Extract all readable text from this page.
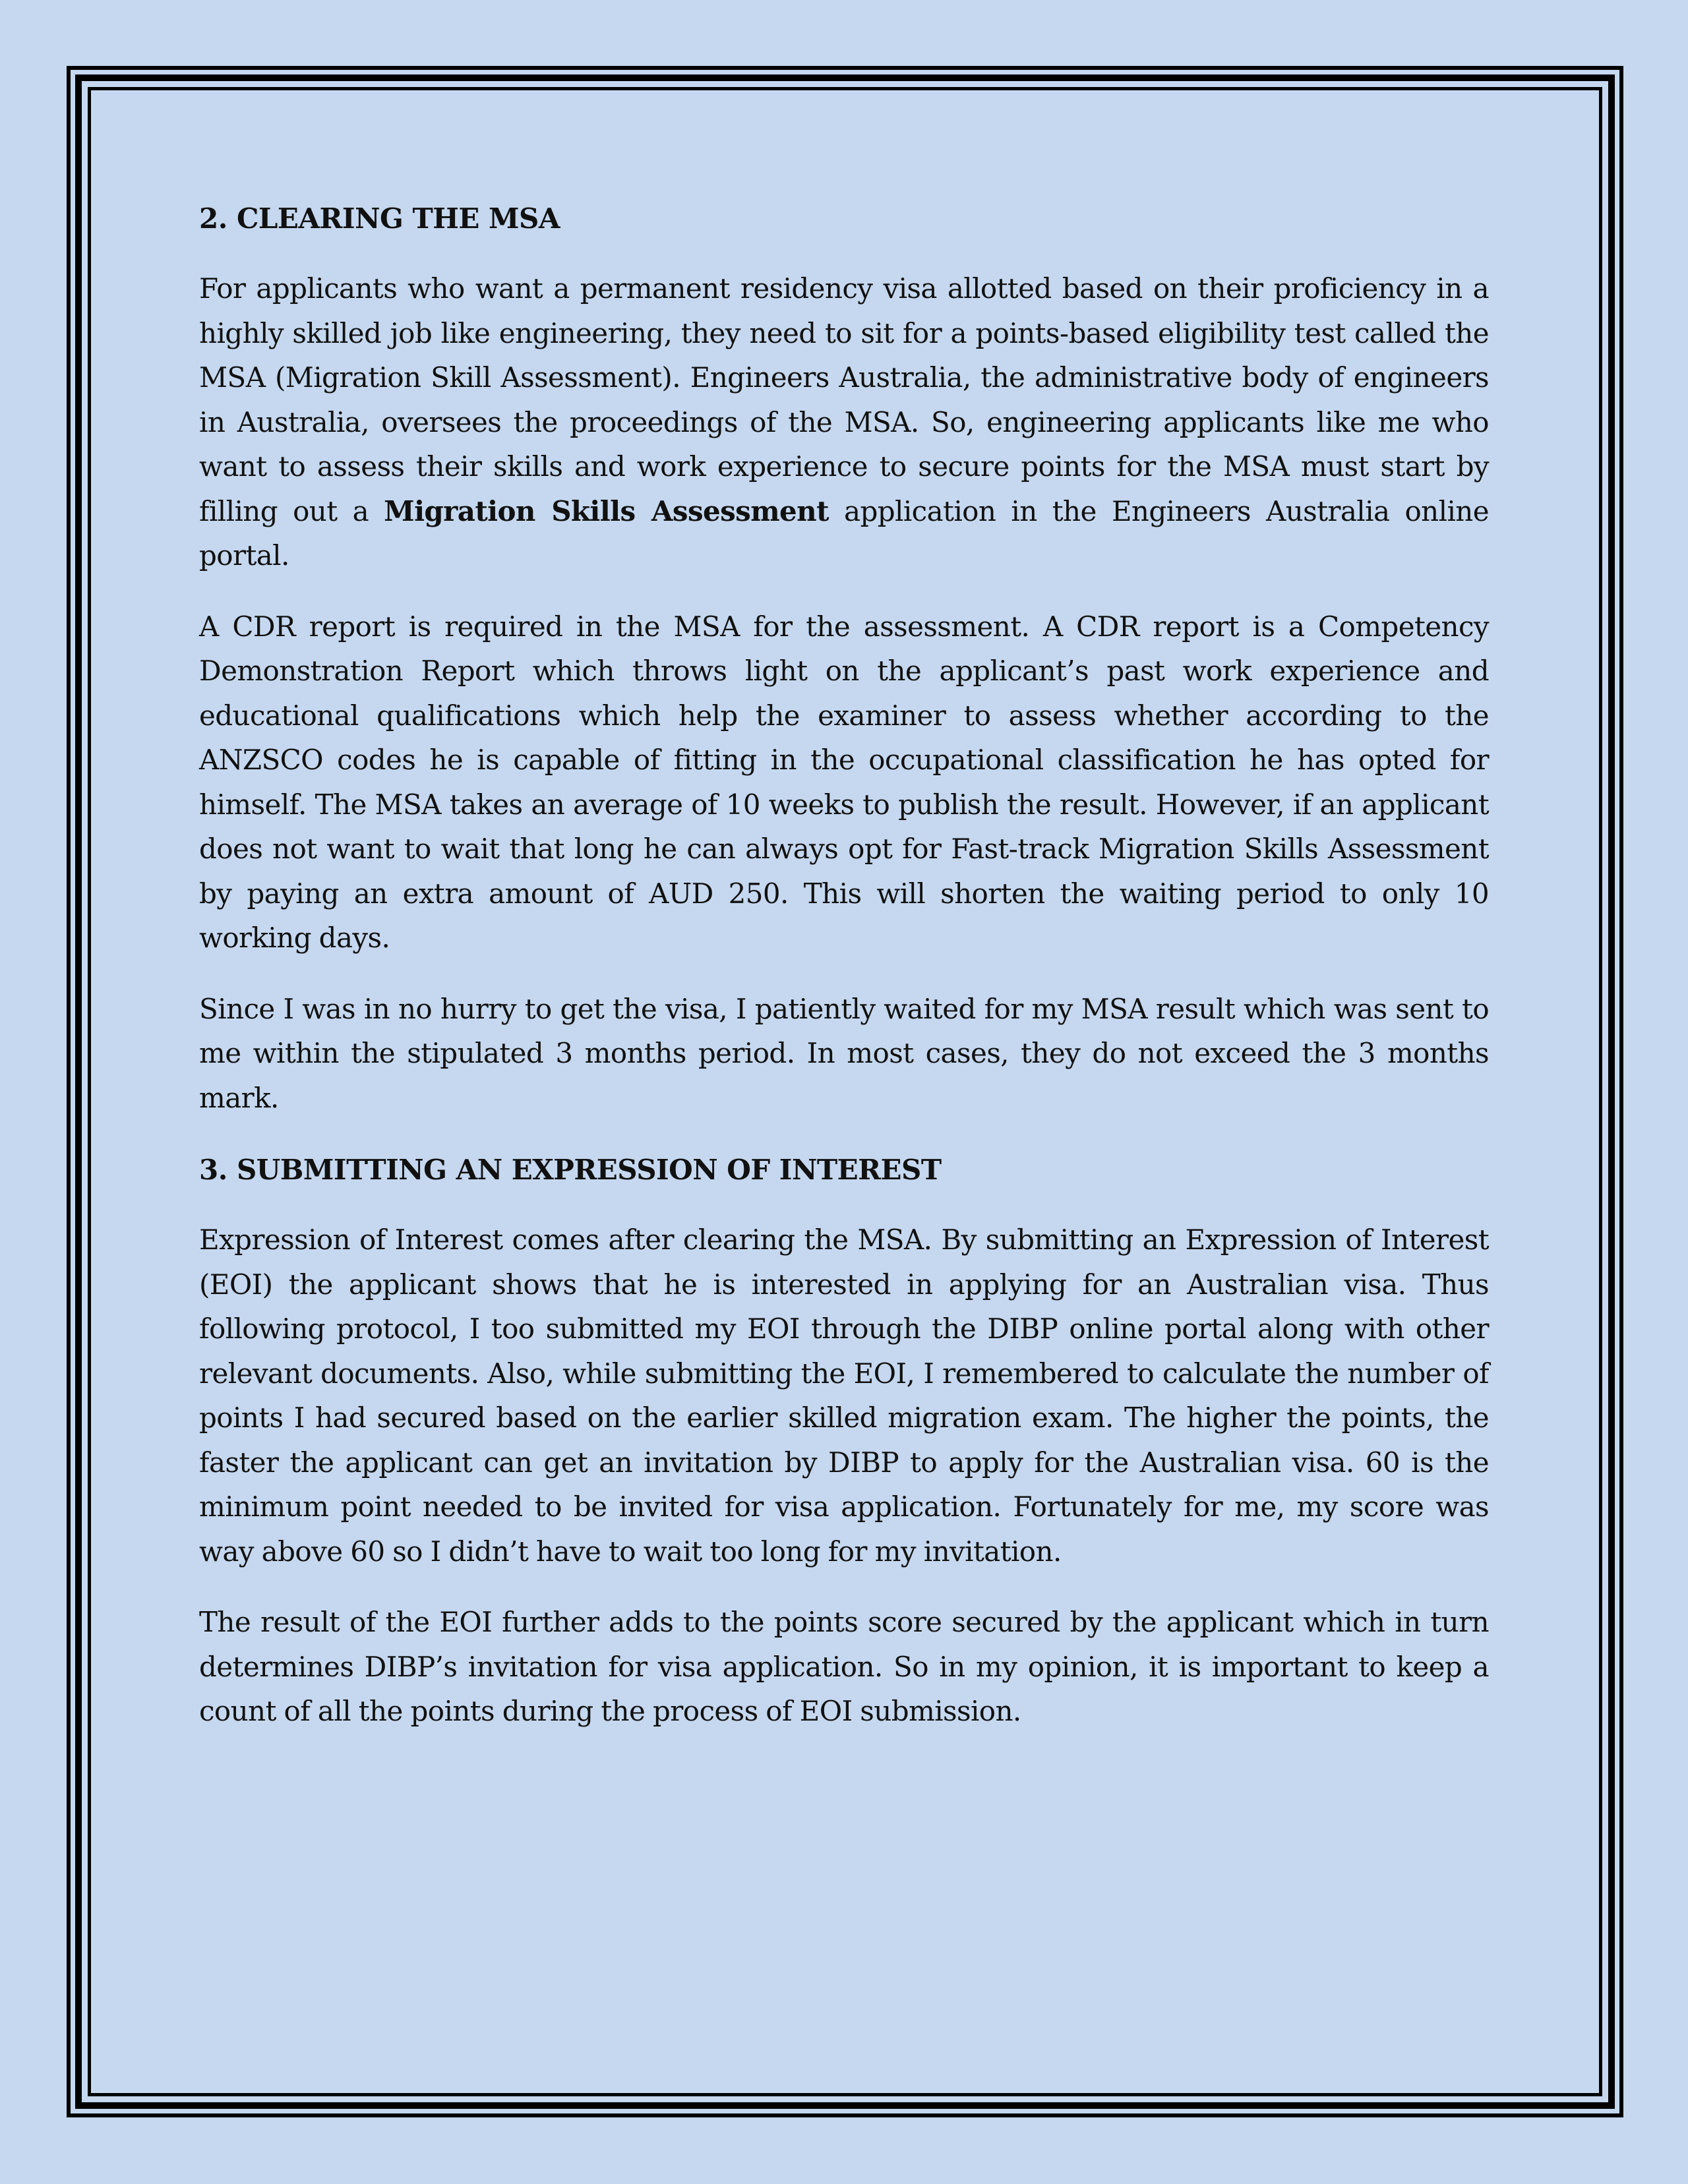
2. CLEARING THE MSA

For applicants who want a permanent residency visa allotted based on their proficiency in a highly skilled job like engineering, they need to sit for a points-based eligibility test called the MSA (Migration Skill Assessment). Engineers Australia, the administrative body of engineers in Australia, oversees the proceedings of the MSA. So, engineering applicants like me who want to assess their skills and work experience to secure points for the MSA must start by filling out a Migration Skills Assessment application in the Engineers Australia online portal.

A CDR report is required in the MSA for the assessment. A CDR report is a Competency Demonstration Report which throws light on the applicant’s past work experience and educational qualifications which help the examiner to assess whether according to the ANZSCO codes he is capable of fitting in the occupational classification he has opted for himself. The MSA takes an average of 10 weeks to publish the result. However, if an applicant does not want to wait that long he can always opt for Fast-track Migration Skills Assessment by paying an extra amount of AUD 250. This will shorten the waiting period to only 10 working days.

Since I was in no hurry to get the visa, I patiently waited for my MSA result which was sent to me within the stipulated 3 months period. In most cases, they do not exceed the 3 months mark.

3. SUBMITTING AN EXPRESSION OF INTEREST

Expression of Interest comes after clearing the MSA. By submitting an Expression of Interest (EOI) the applicant shows that he is interested in applying for an Australian visa. Thus following protocol, I too submitted my EOI through the DIBP online portal along with other relevant documents. Also, while submitting the EOI, I remembered to calculate the number of points I had secured based on the earlier skilled migration exam. The higher the points, the faster the applicant can get an invitation by DIBP to apply for the Australian visa. 60 is the minimum point needed to be invited for visa application. Fortunately for me, my score was way above 60 so I didn’t have to wait too long for my invitation.

The result of the EOI further adds to the points score secured by the applicant which in turn determines DIBP’s invitation for visa application. So in my opinion, it is important to keep a count of all the points during the process of EOI submission.
